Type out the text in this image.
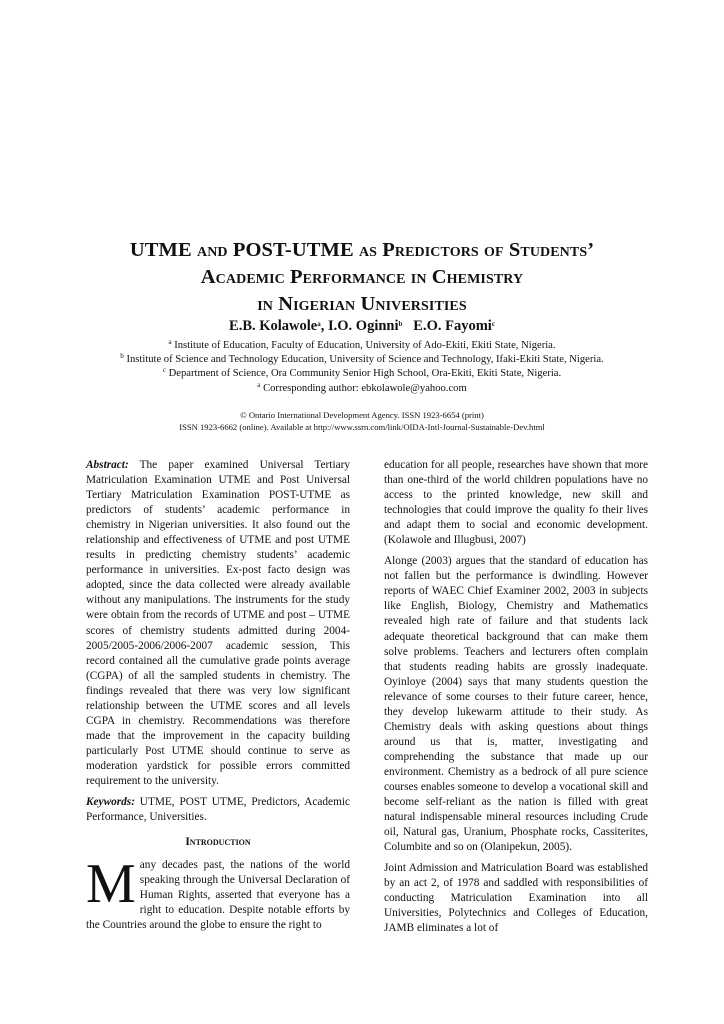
UTME and POST-UTME as Predictors of Students’
Academic Performance in Chemistry
in Nigerian Universities
E.B. Kolawole$^a$, I.O. Oginni$^b$ E.O. Fayomi$^c$
$^a$ Institute of Education, Faculty of Education, University of Ado-Ekiti, Ekiti State, Nigeria.
$^b$ Institute of Science and Technology Education, University of Science and Technology, Ifaki-Ekiti State, Nigeria.
$^c$ Department of Science, Ora Community Senior High School, Ora-Ekiti, Ekiti State, Nigeria.
$^a$ Corresponding author: ebkolawole@yahoo.com
© Ontario International Development Agency. ISSN 1923-6654 (print)
ISSN 1923-6662 (online). Available at http://www.ssrn.com/link/OIDA-Intl-Journal-Sustainable-Dev.html

Abstract: The paper examined Universal Tertiary Matriculation Examination UTME and Post Universal Tertiary Matriculation Examination POST-UTME as predictors of students’ academic performance in chemistry in Nigerian universities. It also found out the relationship and effectiveness of UTME and post UTME results in predicting chemistry students’ academic performance in universities. Ex-post facto design was adopted, since the data collected were already available without any manipulations. The instruments for the study were obtain from the records of UTME and post – UTME scores of chemistry students admitted during 2004-2005/2005-2006/2006-2007 academic session, This record contained all the cumulative grade points average (CGPA) of all the sampled students in chemistry. The findings revealed that there was very low significant relationship between the UTME scores and all levels CGPA in chemistry. Recommendations was therefore made that the improvement in the capacity building particularly Post UTME should continue to serve as moderation yardstick for possible errors committed requirement to the university.

Keywords: UTME, POST UTME, Predictors, Academic Performance, Universities.

Introduction

Many decades past, the nations of the world speaking through the Universal Declaration of Human Rights, asserted that everyone has a right to education. Despite notable efforts by the Countries around the globe to ensure the right to

education for all people, researches have shown that more than one-third of the world children populations have no access to the printed knowledge, new skill and technologies that could improve the quality fo their lives and adapt them to social and economic development. (Kolawole and Illugbusi, 2007)

Alonge (2003) argues that the standard of education has not fallen but the performance is dwindling. However reports of WAEC Chief Examiner 2002, 2003 in subjects like English, Biology, Chemistry and Mathematics revealed high rate of failure and that students lack adequate theoretical background that can make them solve problems. Teachers and lecturers often complain that students reading habits are grossly inadequate. Oyinloye (2004) says that many students question the relevance of some courses to their future career, hence, they develop lukewarm attitude to their study. As Chemistry deals with asking questions about things around us that is, matter, investigating and comprehending the substance that made up our environment. Chemistry as a bedrock of all pure science courses enables someone to develop a vocational skill and become self-reliant as the nation is filled with great natural indispensable mineral resources including Crude oil, Natural gas, Uranium, Phosphate rocks, Cassiterites, Columbite and so on (Olanipekun, 2005).

Joint Admission and Matriculation Board was established by an act 2, of 1978 and saddled with responsibilities of conducting Matriculation Examination into all Universities, Polytechnics and Colleges of Education, JAMB eliminates a lot of
